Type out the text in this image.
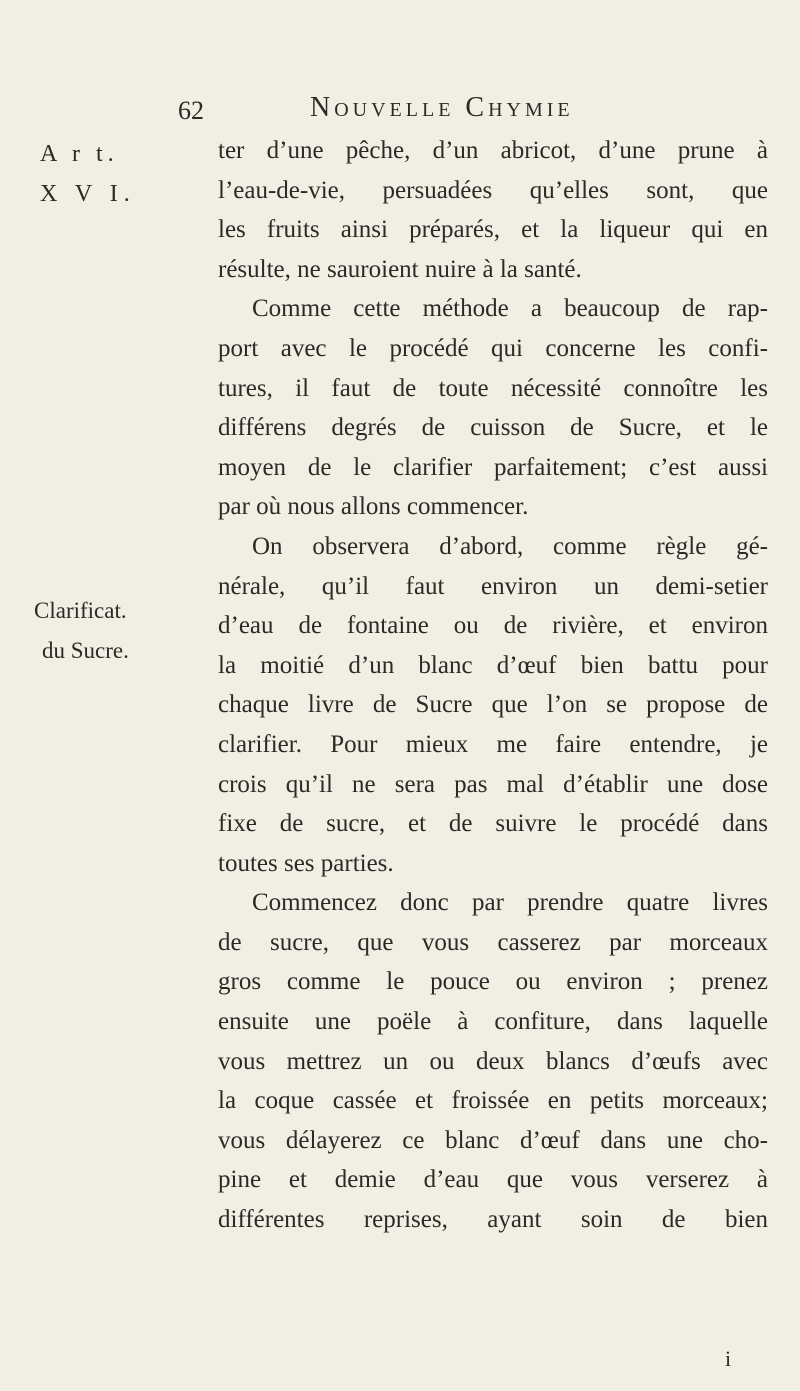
62	Nouvelle Chymie
A r t.
X V I.
Clarificat.
du Sucre.
ter d’une pêche, d’un abricot, d’une prune à
l’eau-de-vie, persuadées qu’elles sont, que
les fruits ainsi préparés, et la liqueur qui en
résulte, ne sauroient nuire à la santé.
Comme cette méthode a beaucoup de rap-
port avec le procédé qui concerne les confi-
tures, il faut de toute nécessité connoître les
différens degrés de cuisson de Sucre, et le
moyen de le clarifier parfaitement; c’est aussi
par où nous allons commencer.
On observera d’abord, comme règle gé-
nérale, qu’il faut environ un demi-setier
d’eau de fontaine ou de rivière, et environ
la moitié d’un blanc d’œuf bien battu pour
chaque livre de Sucre que l’on se propose de
clarifier. Pour mieux me faire entendre, je
crois qu’il ne sera pas mal d’établir une dose
fixe de sucre, et de suivre le procédé dans
toutes ses parties.
Commencez donc par prendre quatre livres
de sucre, que vous casserez par morceaux
gros comme le pouce ou environ ; prenez
ensuite une poële à confiture, dans laquelle
vous mettrez un ou deux blancs d’œufs avec
la coque cassée et froissée en petits morceaux;
vous délayerez ce blanc d’œuf dans une cho-
pine et demie d’eau que vous verserez à
différentes reprises, ayant soin de bien
i
